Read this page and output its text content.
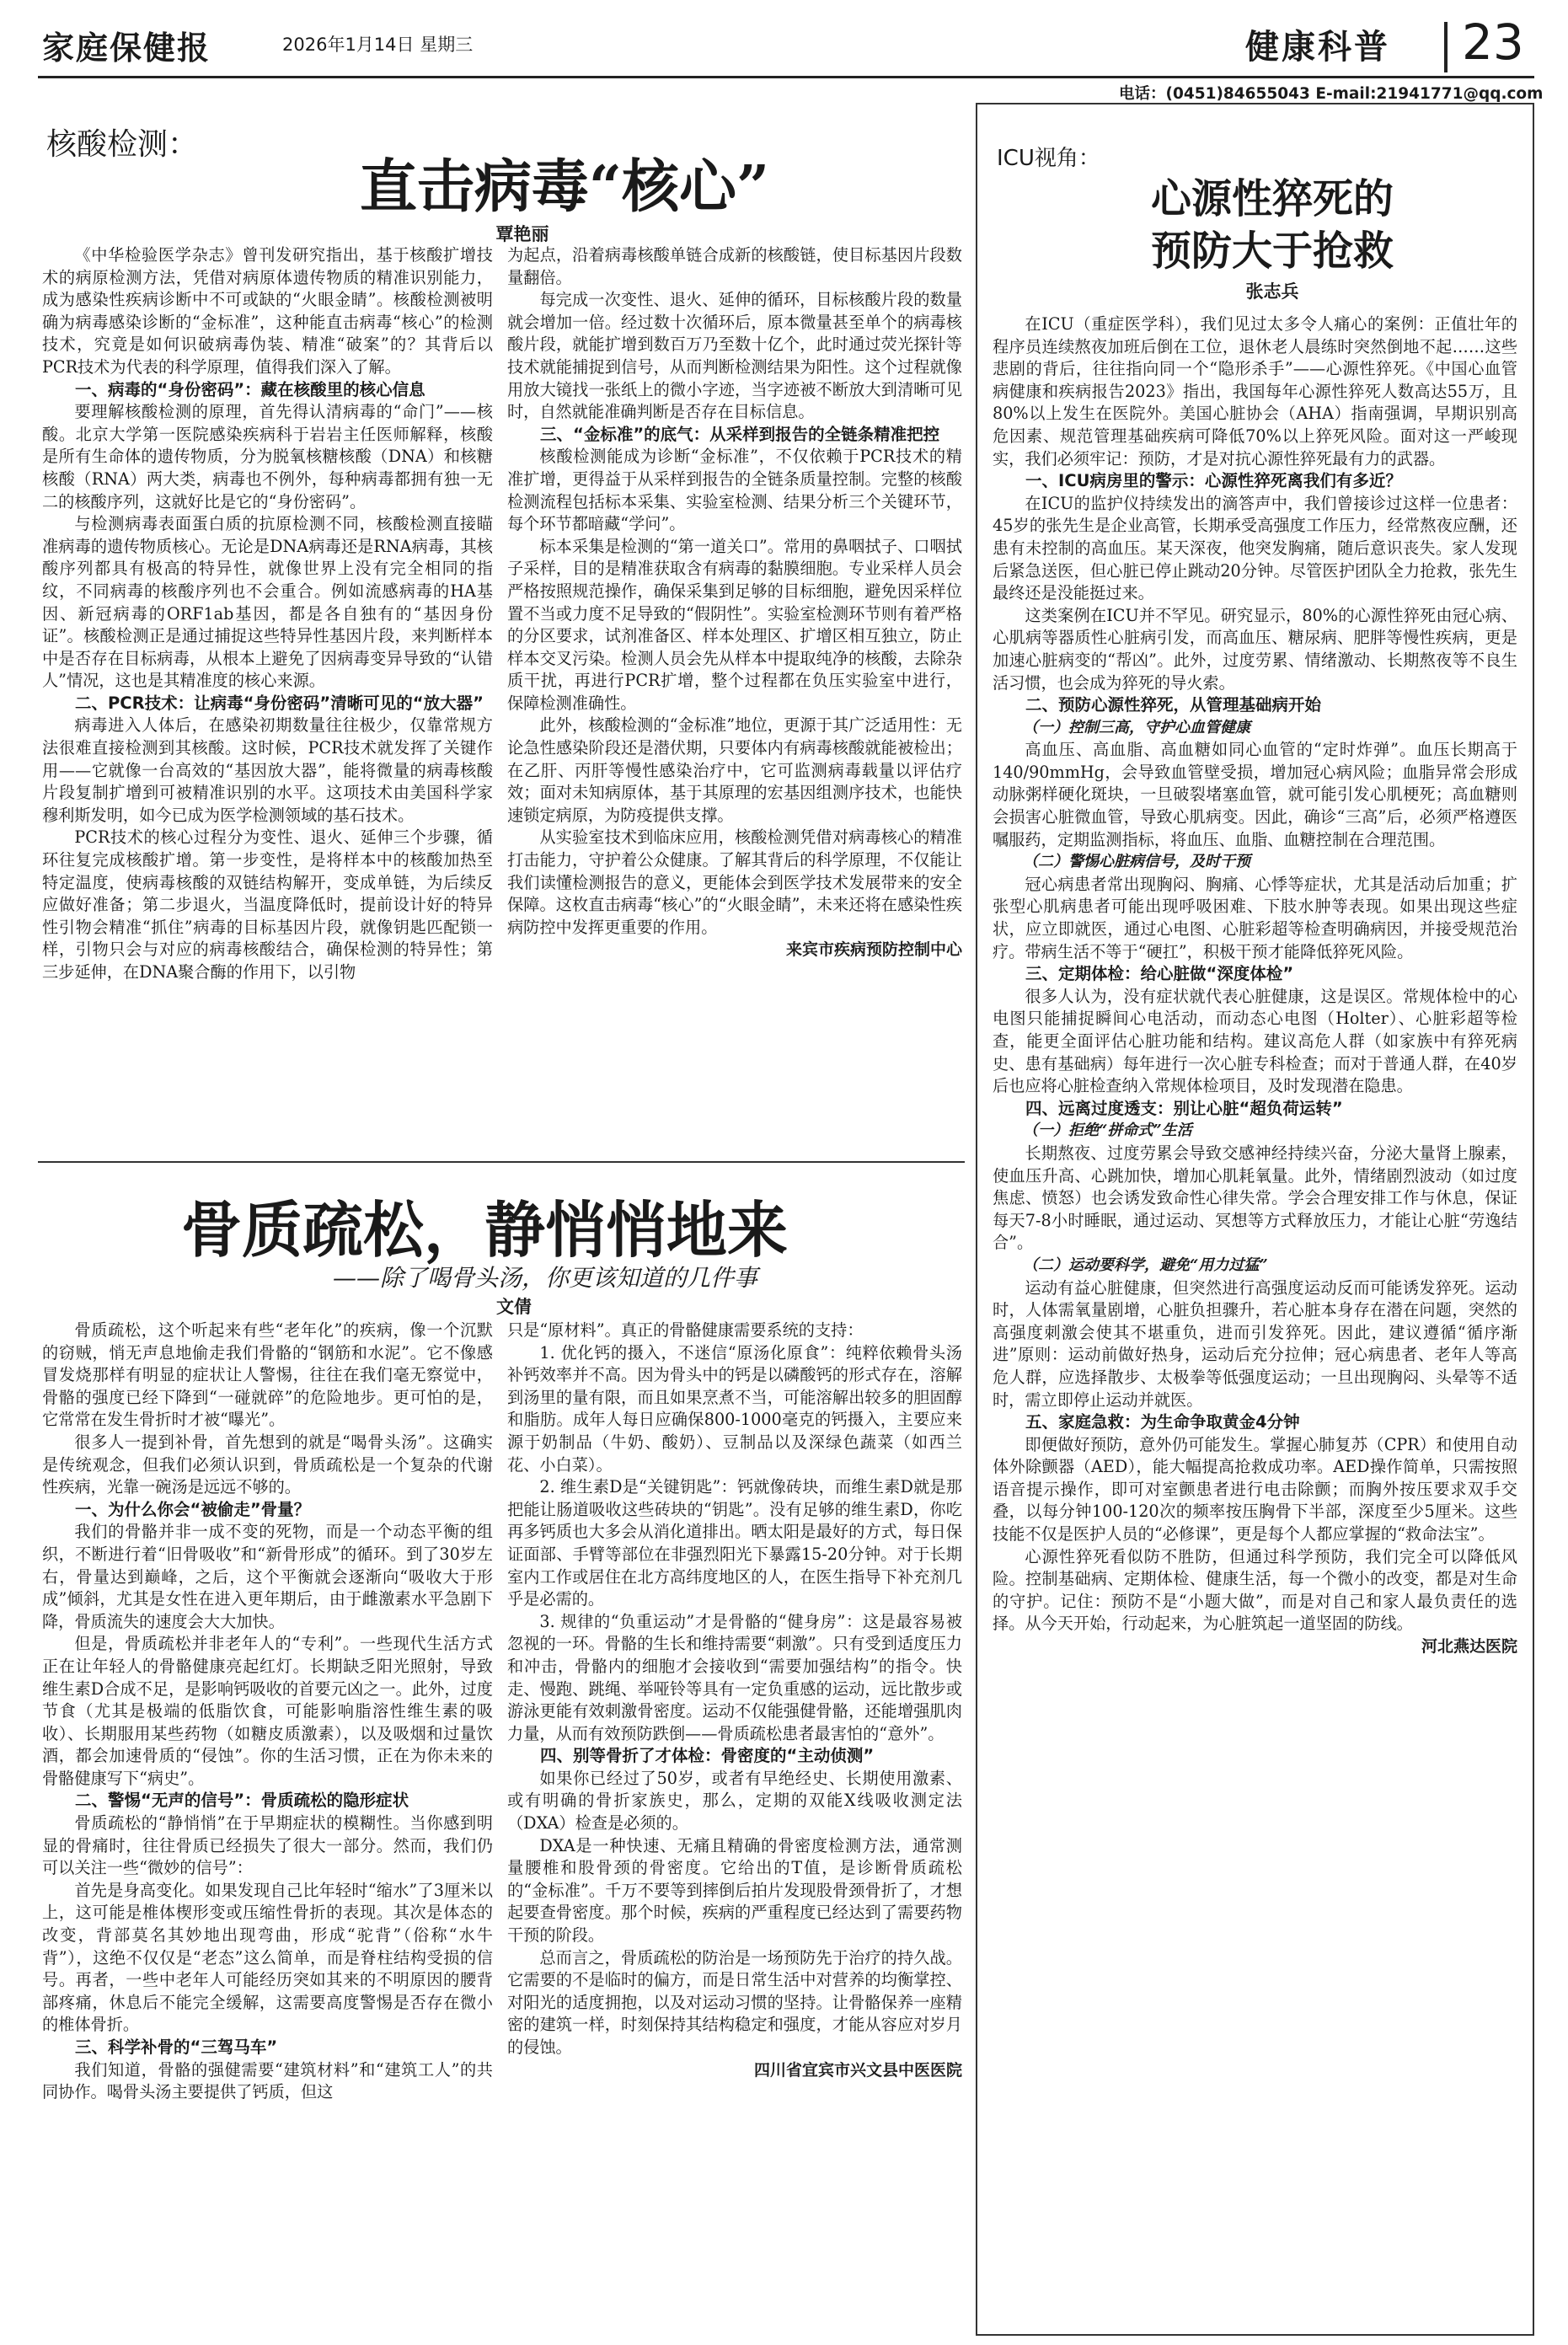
家庭保健报	2026年1月14日 星期三	健康科普 23
电话：(0451)84655043 E-mail:21941771@qq.com
核酸检测：
直击病毒“核心”
覃艳丽

《中华检验医学杂志》曾刊发研究指出，基于核酸扩增技术的病原检测方法，凭借对病原体遗传物质的精准识别能力，成为感染性疾病诊断中不可或缺的“火眼金睛”。核酸检测被明确为病毒感染诊断的“金标准”，这种能直击病毒“核心”的检测技术，究竟是如何识破病毒伪装、精准“破案”的？其背后以PCR技术为代表的科学原理，值得我们深入了解。

一、病毒的“身份密码”：藏在核酸里的核心信息

要理解核酸检测的原理，首先得认清病毒的“命门”——核酸。北京大学第一医院感染疾病科于岩岩主任医师解释，核酸是所有生命体的遗传物质，分为脱氧核糖核酸（DNA）和核糖核酸（RNA）两大类，病毒也不例外，每种病毒都拥有独一无二的核酸序列，这就好比是它的“身份密码”。

与检测病毒表面蛋白质的抗原检测不同，核酸检测直接瞄准病毒的遗传物质核心。无论是DNA病毒还是RNA病毒，其核酸序列都具有极高的特异性，就像世界上没有完全相同的指纹，不同病毒的核酸序列也不会重合。例如流感病毒的HA基因、新冠病毒的ORF1ab基因，都是各自独有的“基因身份证”。核酸检测正是通过捕捉这些特异性基因片段，来判断样本中是否存在目标病毒，从根本上避免了因病毒变异导致的“认错人”情况，这也是其精准度的核心来源。

二、PCR技术：让病毒“身份密码”清晰可见的“放大器”

病毒进入人体后，在感染初期数量往往极少，仅靠常规方法很难直接检测到其核酸。这时候，PCR技术就发挥了关键作用——它就像一台高效的“基因放大器”，能将微量的病毒核酸片段复制扩增到可被精准识别的水平。这项技术由美国科学家穆利斯发明，如今已成为医学检测领域的基石技术。

PCR技术的核心过程分为变性、退火、延伸三个步骤，循环往复完成核酸扩增。第一步变性，是将样本中的核酸加热至特定温度，使病毒核酸的双链结构解开，变成单链，为后续反应做好准备；第二步退火，当温度降低时，提前设计好的特异性引物会精准“抓住”病毒的目标基因片段，就像钥匙匹配锁一样，引物只会与对应的病毒核酸结合，确保检测的特异性；第三步延伸，在DNA聚合酶的作用下，以引物

为起点，沿着病毒核酸单链合成新的核酸链，使目标基因片段数量翻倍。

每完成一次变性、退火、延伸的循环，目标核酸片段的数量就会增加一倍。经过数十次循环后，原本微量甚至单个的病毒核酸片段，就能扩增到数百万乃至数十亿个，此时通过荧光探针等技术就能捕捉到信号，从而判断检测结果为阳性。这个过程就像用放大镜找一张纸上的微小字迹，当字迹被不断放大到清晰可见时，自然就能准确判断是否存在目标信息。

三、“金标准”的底气：从采样到报告的全链条精准把控

核酸检测能成为诊断“金标准”，不仅依赖于PCR技术的精准扩增，更得益于从采样到报告的全链条质量控制。完整的核酸检测流程包括标本采集、实验室检测、结果分析三个关键环节，每个环节都暗藏“学问”。

标本采集是检测的“第一道关口”。常用的鼻咽拭子、口咽拭子采样，目的是精准获取含有病毒的黏膜细胞。专业采样人员会严格按照规范操作，确保采集到足够的目标细胞，避免因采样位置不当或力度不足导致的“假阴性”。实验室检测环节则有着严格的分区要求，试剂准备区、样本处理区、扩增区相互独立，防止样本交叉污染。检测人员会先从样本中提取纯净的核酸，去除杂质干扰，再进行PCR扩增，整个过程都在负压实验室中进行，保障检测准确性。

此外，核酸检测的“金标准”地位，更源于其广泛适用性：无论急性感染阶段还是潜伏期，只要体内有病毒核酸就能被检出；在乙肝、丙肝等慢性感染治疗中，它可监测病毒载量以评估疗效；面对未知病原体，基于其原理的宏基因组测序技术，也能快速锁定病原，为防疫提供支撑。

从实验室技术到临床应用，核酸检测凭借对病毒核心的精准打击能力，守护着公众健康。了解其背后的科学原理，不仅能让我们读懂检测报告的意义，更能体会到医学技术发展带来的安全保障。这枚直击病毒“核心”的“火眼金睛”，未来还将在感染性疾病防控中发挥更重要的作用。

来宾市疾病预防控制中心
骨质疏松，静悄悄地来
——除了喝骨头汤，你更该知道的几件事
文倩

骨质疏松，这个听起来有些“老年化”的疾病，像一个沉默的窃贼，悄无声息地偷走我们骨骼的“钢筋和水泥”。它不像感冒发烧那样有明显的症状让人警惕，往往在我们毫无察觉中，骨骼的强度已经下降到“一碰就碎”的危险地步。更可怕的是，它常常在发生骨折时才被“曝光”。

很多人一提到补骨，首先想到的就是“喝骨头汤”。这确实是传统观念，但我们必须认识到，骨质疏松是一个复杂的代谢性疾病，光靠一碗汤是远远不够的。

一、为什么你会“被偷走”骨量？

我们的骨骼并非一成不变的死物，而是一个动态平衡的组织，不断进行着“旧骨吸收”和“新骨形成”的循环。到了30岁左右，骨量达到巅峰，之后，这个平衡就会逐渐向“吸收大于形成”倾斜，尤其是女性在进入更年期后，由于雌激素水平急剧下降，骨质流失的速度会大大加快。

但是，骨质疏松并非老年人的“专利”。一些现代生活方式正在让年轻人的骨骼健康亮起红灯。长期缺乏阳光照射，导致维生素D合成不足，是影响钙吸收的首要元凶之一。此外，过度节食（尤其是极端的低脂饮食，可能影响脂溶性维生素的吸收）、长期服用某些药物（如糖皮质激素），以及吸烟和过量饮酒，都会加速骨质的“侵蚀”。你的生活习惯，正在为你未来的骨骼健康写下“病史”。

二、警惕“无声的信号”：骨质疏松的隐形症状

骨质疏松的“静悄悄”在于早期症状的模糊性。当你感到明显的骨痛时，往往骨质已经损失了很大一部分。然而，我们仍可以关注一些“微妙的信号”：

首先是身高变化。如果发现自己比年轻时“缩水”了3厘米以上，这可能是椎体楔形变或压缩性骨折的表现。其次是体态的改变，背部莫名其妙地出现弯曲，形成“驼背”（俗称“水牛背”），这绝不仅仅是“老态”这么简单，而是脊柱结构受损的信号。再者，一些中老年人可能经历突如其来的不明原因的腰背部疼痛，休息后不能完全缓解，这需要高度警惕是否存在微小的椎体骨折。

三、科学补骨的“三驾马车”

我们知道，骨骼的强健需要“建筑材料”和“建筑工人”的共同协作。喝骨头汤主要提供了钙质，但这

只是“原材料”。真正的骨骼健康需要系统的支持：

1. 优化钙的摄入，不迷信“原汤化原食”：纯粹依赖骨头汤补钙效率并不高。因为骨头中的钙是以磷酸钙的形式存在，溶解到汤里的量有限，而且如果烹煮不当，可能溶解出较多的胆固醇和脂肪。成年人每日应确保800-1000毫克的钙摄入，主要应来源于奶制品（牛奶、酸奶）、豆制品以及深绿色蔬菜（如西兰花、小白菜）。

2. 维生素D是“关键钥匙”：钙就像砖块，而维生素D就是那把能让肠道吸收这些砖块的“钥匙”。没有足够的维生素D，你吃再多钙质也大多会从消化道排出。晒太阳是最好的方式，每日保证面部、手臂等部位在非强烈阳光下暴露15-20分钟。对于长期室内工作或居住在北方高纬度地区的人，在医生指导下补充剂几乎是必需的。

3. 规律的“负重运动”才是骨骼的“健身房”：这是最容易被忽视的一环。骨骼的生长和维持需要“刺激”。只有受到适度压力和冲击，骨骼内的细胞才会接收到“需要加强结构”的指令。快走、慢跑、跳绳、举哑铃等具有一定负重感的运动，远比散步或游泳更能有效刺激骨密度。运动不仅能强健骨骼，还能增强肌肉力量，从而有效预防跌倒——骨质疏松患者最害怕的“意外”。

四、别等骨折了才体检：骨密度的“主动侦测”

如果你已经过了50岁，或者有早绝经史、长期使用激素、或有明确的骨折家族史，那么，定期的双能X线吸收测定法（DXA）检查是必须的。

DXA是一种快速、无痛且精确的骨密度检测方法，通常测量腰椎和股骨颈的骨密度。它给出的T值，是诊断骨质疏松的“金标准”。千万不要等到摔倒后拍片发现股骨颈骨折了，才想起要查骨密度。那个时候，疾病的严重程度已经达到了需要药物干预的阶段。

总而言之，骨质疏松的防治是一场预防先于治疗的持久战。它需要的不是临时的偏方，而是日常生活中对营养的均衡掌控、对阳光的适度拥抱，以及对运动习惯的坚持。让骨骼保养一座精密的建筑一样，时刻保持其结构稳定和强度，才能从容应对岁月的侵蚀。

四川省宜宾市兴文县中医医院
ICU视角：
心源性猝死的
预防大于抢救
张志兵

在ICU（重症医学科），我们见过太多令人痛心的案例：正值壮年的程序员连续熬夜加班后倒在工位，退休老人晨练时突然倒地不起……这些悲剧的背后，往往指向同一个“隐形杀手”——心源性猝死。《中国心血管病健康和疾病报告2023》指出，我国每年心源性猝死人数高达55万，且80%以上发生在医院外。美国心脏协会（AHA）指南强调，早期识别高危因素、规范管理基础疾病可降低70%以上猝死风险。面对这一严峻现实，我们必须牢记：预防，才是对抗心源性猝死最有力的武器。

一、ICU病房里的警示：心源性猝死离我们有多近？

在ICU的监护仪持续发出的滴答声中，我们曾接诊过这样一位患者：45岁的张先生是企业高管，长期承受高强度工作压力，经常熬夜应酬，还患有未控制的高血压。某天深夜，他突发胸痛，随后意识丧失。家人发现后紧急送医，但心脏已停止跳动20分钟。尽管医护团队全力抢救，张先生最终还是没能挺过来。

这类案例在ICU并不罕见。研究显示，80%的心源性猝死由冠心病、心肌病等器质性心脏病引发，而高血压、糖尿病、肥胖等慢性疾病，更是加速心脏病变的“帮凶”。此外，过度劳累、情绪激动、长期熬夜等不良生活习惯，也会成为猝死的导火索。

二、预防心源性猝死，从管理基础病开始
（一）控制三高，守护心血管健康

高血压、高血脂、高血糖如同心血管的“定时炸弹”。血压长期高于140/90mmHg，会导致血管壁受损，增加冠心病风险；血脂异常会形成动脉粥样硬化斑块，一旦破裂堵塞血管，就可能引发心肌梗死；高血糖则会损害心脏微血管，导致心肌病变。因此，确诊“三高”后，必须严格遵医嘱服药，定期监测指标，将血压、血脂、血糖控制在合理范围。

（二）警惕心脏病信号，及时干预

冠心病患者常出现胸闷、胸痛、心悸等症状，尤其是活动后加重；扩张型心肌病患者可能出现呼吸困难、下肢水肿等表现。如果出现这些症状，应立即就医，通过心电图、心脏彩超等检查明确病因，并接受规范治疗。带病生活不等于“硬扛”，积极干预才能降低猝死风险。

三、定期体检：给心脏做“深度体检”

很多人认为，没有症状就代表心脏健康，这是误区。常规体检中的心电图只能捕捉瞬间心电活动，而动态心电图（Holter）、心脏彩超等检查，能更全面评估心脏功能和结构。建议高危人群（如家族中有猝死病史、患有基础病）每年进行一次心脏专科检查；而对于普通人群，在40岁后也应将心脏检查纳入常规体检项目，及时发现潜在隐患。

四、远离过度透支：别让心脏“超负荷运转”
（一）拒绝“拼命式”生活

长期熬夜、过度劳累会导致交感神经持续兴奋，分泌大量肾上腺素，使血压升高、心跳加快，增加心肌耗氧量。此外，情绪剧烈波动（如过度焦虑、愤怒）也会诱发致命性心律失常。学会合理安排工作与休息，保证每天7-8小时睡眠，通过运动、冥想等方式释放压力，才能让心脏“劳逸结合”。

（二）运动要科学，避免“用力过猛”

运动有益心脏健康，但突然进行高强度运动反而可能诱发猝死。运动时，人体需氧量剧增，心脏负担骤升，若心脏本身存在潜在问题，突然的高强度刺激会使其不堪重负，进而引发猝死。因此，建议遵循“循序渐进”原则：运动前做好热身，运动后充分拉伸；冠心病患者、老年人等高危人群，应选择散步、太极拳等低强度运动；一旦出现胸闷、头晕等不适时，需立即停止运动并就医。

五、家庭急救：为生命争取黄金4分钟

即便做好预防，意外仍可能发生。掌握心肺复苏（CPR）和使用自动体外除颤器（AED），能大幅提高抢救成功率。AED操作简单，只需按照语音提示操作，即可对室颤患者进行电击除颤；而胸外按压要求双手交叠，以每分钟100-120次的频率按压胸骨下半部，深度至少5厘米。这些技能不仅是医护人员的“必修课”，更是每个人都应掌握的“救命法宝”。

心源性猝死看似防不胜防，但通过科学预防，我们完全可以降低风险。控制基础病、定期体检、健康生活，每一个微小的改变，都是对生命的守护。记住：预防不是“小题大做”，而是对自己和家人最负责任的选择。从今天开始，行动起来，为心脏筑起一道坚固的防线。

河北燕达医院
